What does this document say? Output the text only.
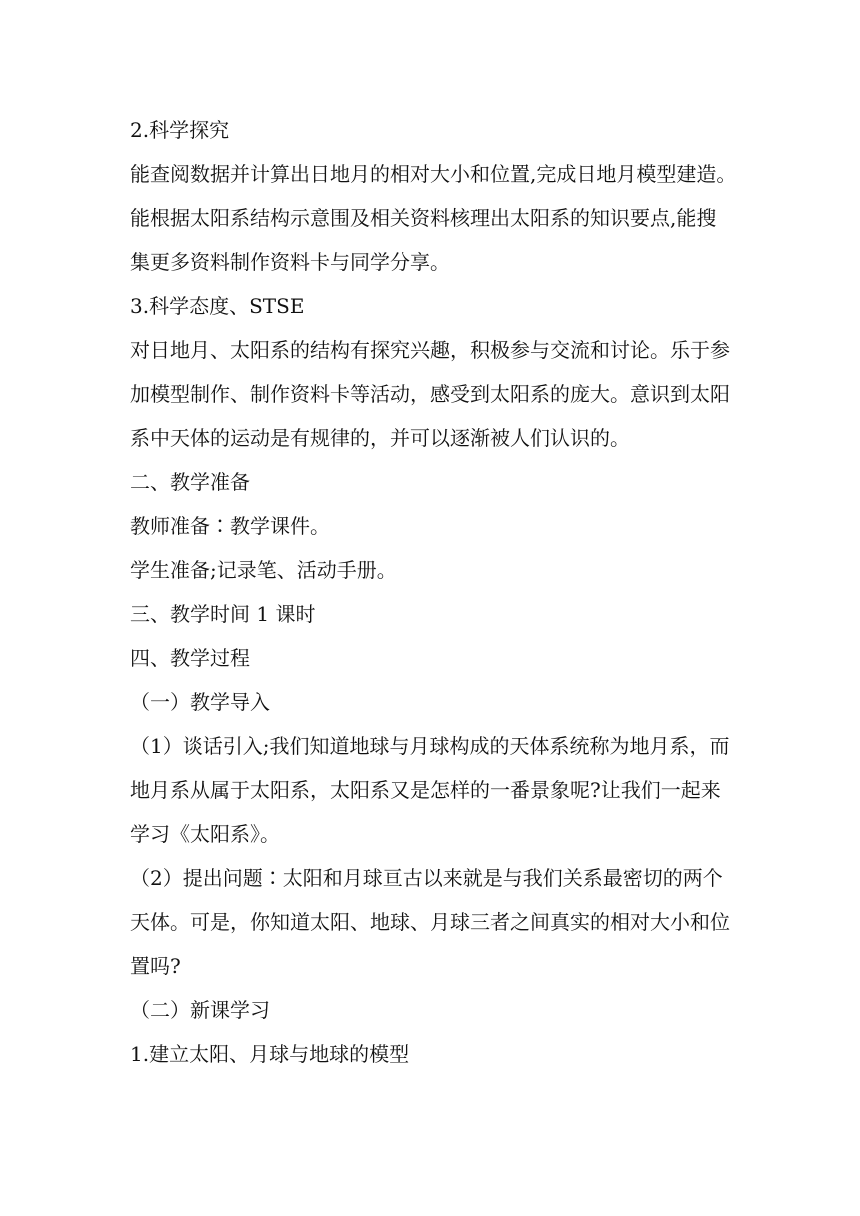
2.科学探究
能查阅数据并计算出日地月的相对大小和位置,完成日地月模型建造。
能根据太阳系结构示意围及相关资料核理出太阳系的知识要点,能搜
集更多资料制作资料卡与同学分享。
3.科学态度、STSE
对日地月、太阳系的结构有探究兴趣，积极参与交流和讨论。乐于参
加模型制作、制作资料卡等活动，感受到太阳系的庞大。意识到太阳
系中天体的运动是有规律的，并可以逐渐被人们认识的。
二、教学准备
教师准备∶教学课件。
学生准备;记录笔、活动手册。
三、教学时间 1 课时
四、教学过程
（一）教学导入
（1）谈话引入;我们知道地球与月球构成的天体系统称为地月系，而
地月系从属于太阳系，太阳系又是怎样的一番景象呢?让我们一起来
学习《太阳系》。
（2）提出问题∶太阳和月球亘古以来就是与我们关系最密切的两个
天体。可是，你知道太阳、地球、月球三者之间真实的相对大小和位
置吗?
（二）新课学习
1.建立太阳、月球与地球的模型
